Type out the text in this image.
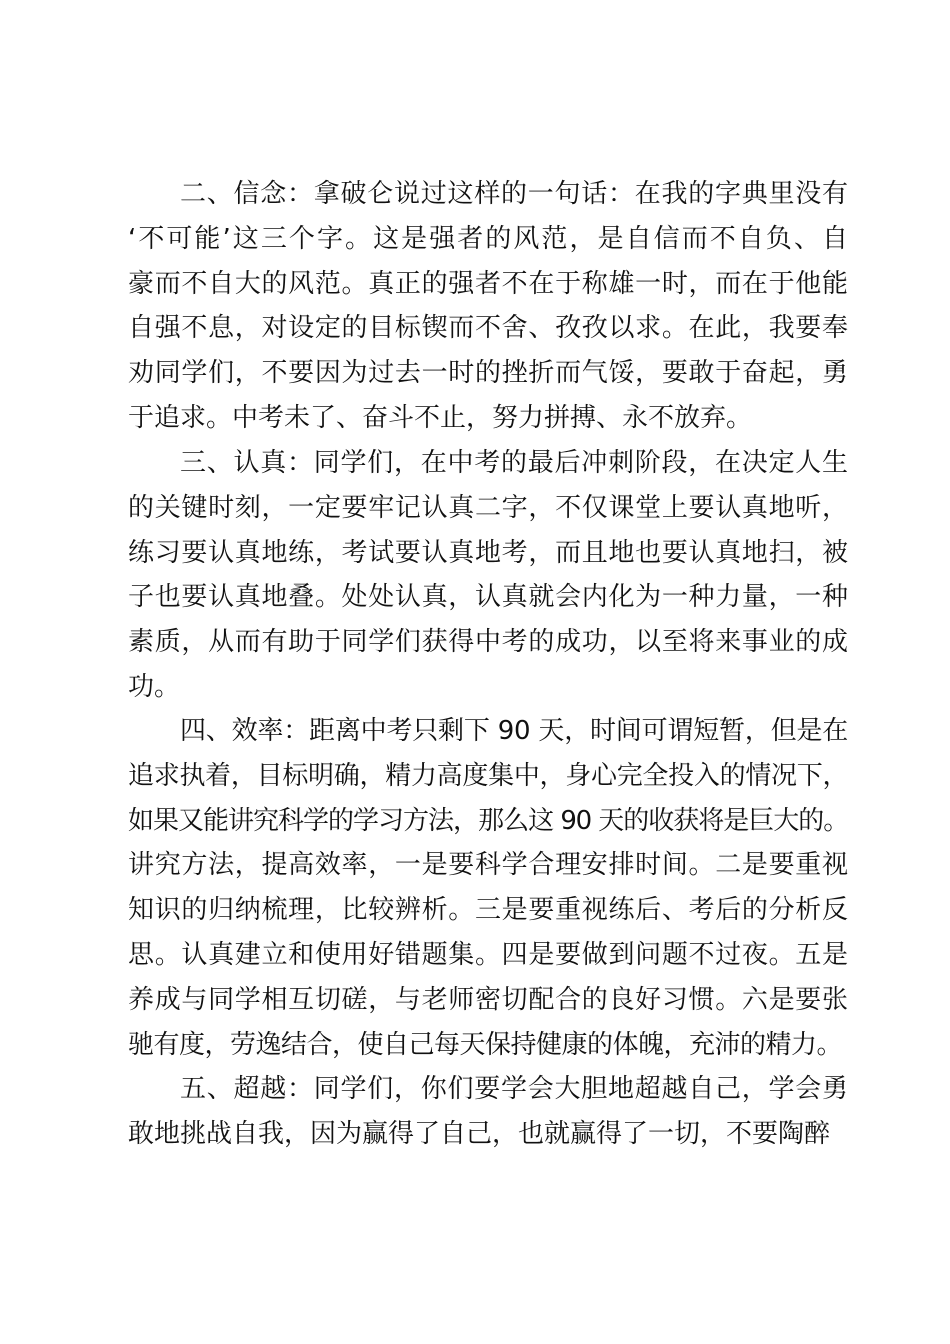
二、信念：拿破仑说过这样的一句话：在我的字典里没有
‘不可能’这三个字。这是强者的风范，是自信而不自负、自
豪而不自大的风范。真正的强者不在于称雄一时，而在于他能
自强不息，对设定的目标锲而不舍、孜孜以求。在此，我要奉
劝同学们，不要因为过去一时的挫折而气馁，要敢于奋起，勇
于追求。中考未了、奋斗不止，努力拼搏、永不放弃。

三、认真：同学们，在中考的最后冲刺阶段，在决定人生
的关键时刻，一定要牢记认真二字，不仅课堂上要认真地听，
练习要认真地练，考试要认真地考，而且地也要认真地扫，被
子也要认真地叠。处处认真，认真就会内化为一种力量，一种
素质，从而有助于同学们获得中考的成功，以至将来事业的成
功。

四、效率：距离中考只剩下 90 天，时间可谓短暂，但是在
追求执着，目标明确，精力高度集中，身心完全投入的情况下，
如果又能讲究科学的学习方法，那么这 90 天的收获将是巨大的。
讲究方法，提高效率，一是要科学合理安排时间。二是要重视
知识的归纳梳理，比较辨析。三是要重视练后、考后的分析反
思。认真建立和使用好错题集。四是要做到问题不过夜。五是
养成与同学相互切磋，与老师密切配合的良好习惯。六是要张
驰有度，劳逸结合，使自己每天保持健康的体魄，充沛的精力。

五、超越：同学们，你们要学会大胆地超越自己，学会勇
敢地挑战自我，因为赢得了自己，也就赢得了一切，不要陶醉
